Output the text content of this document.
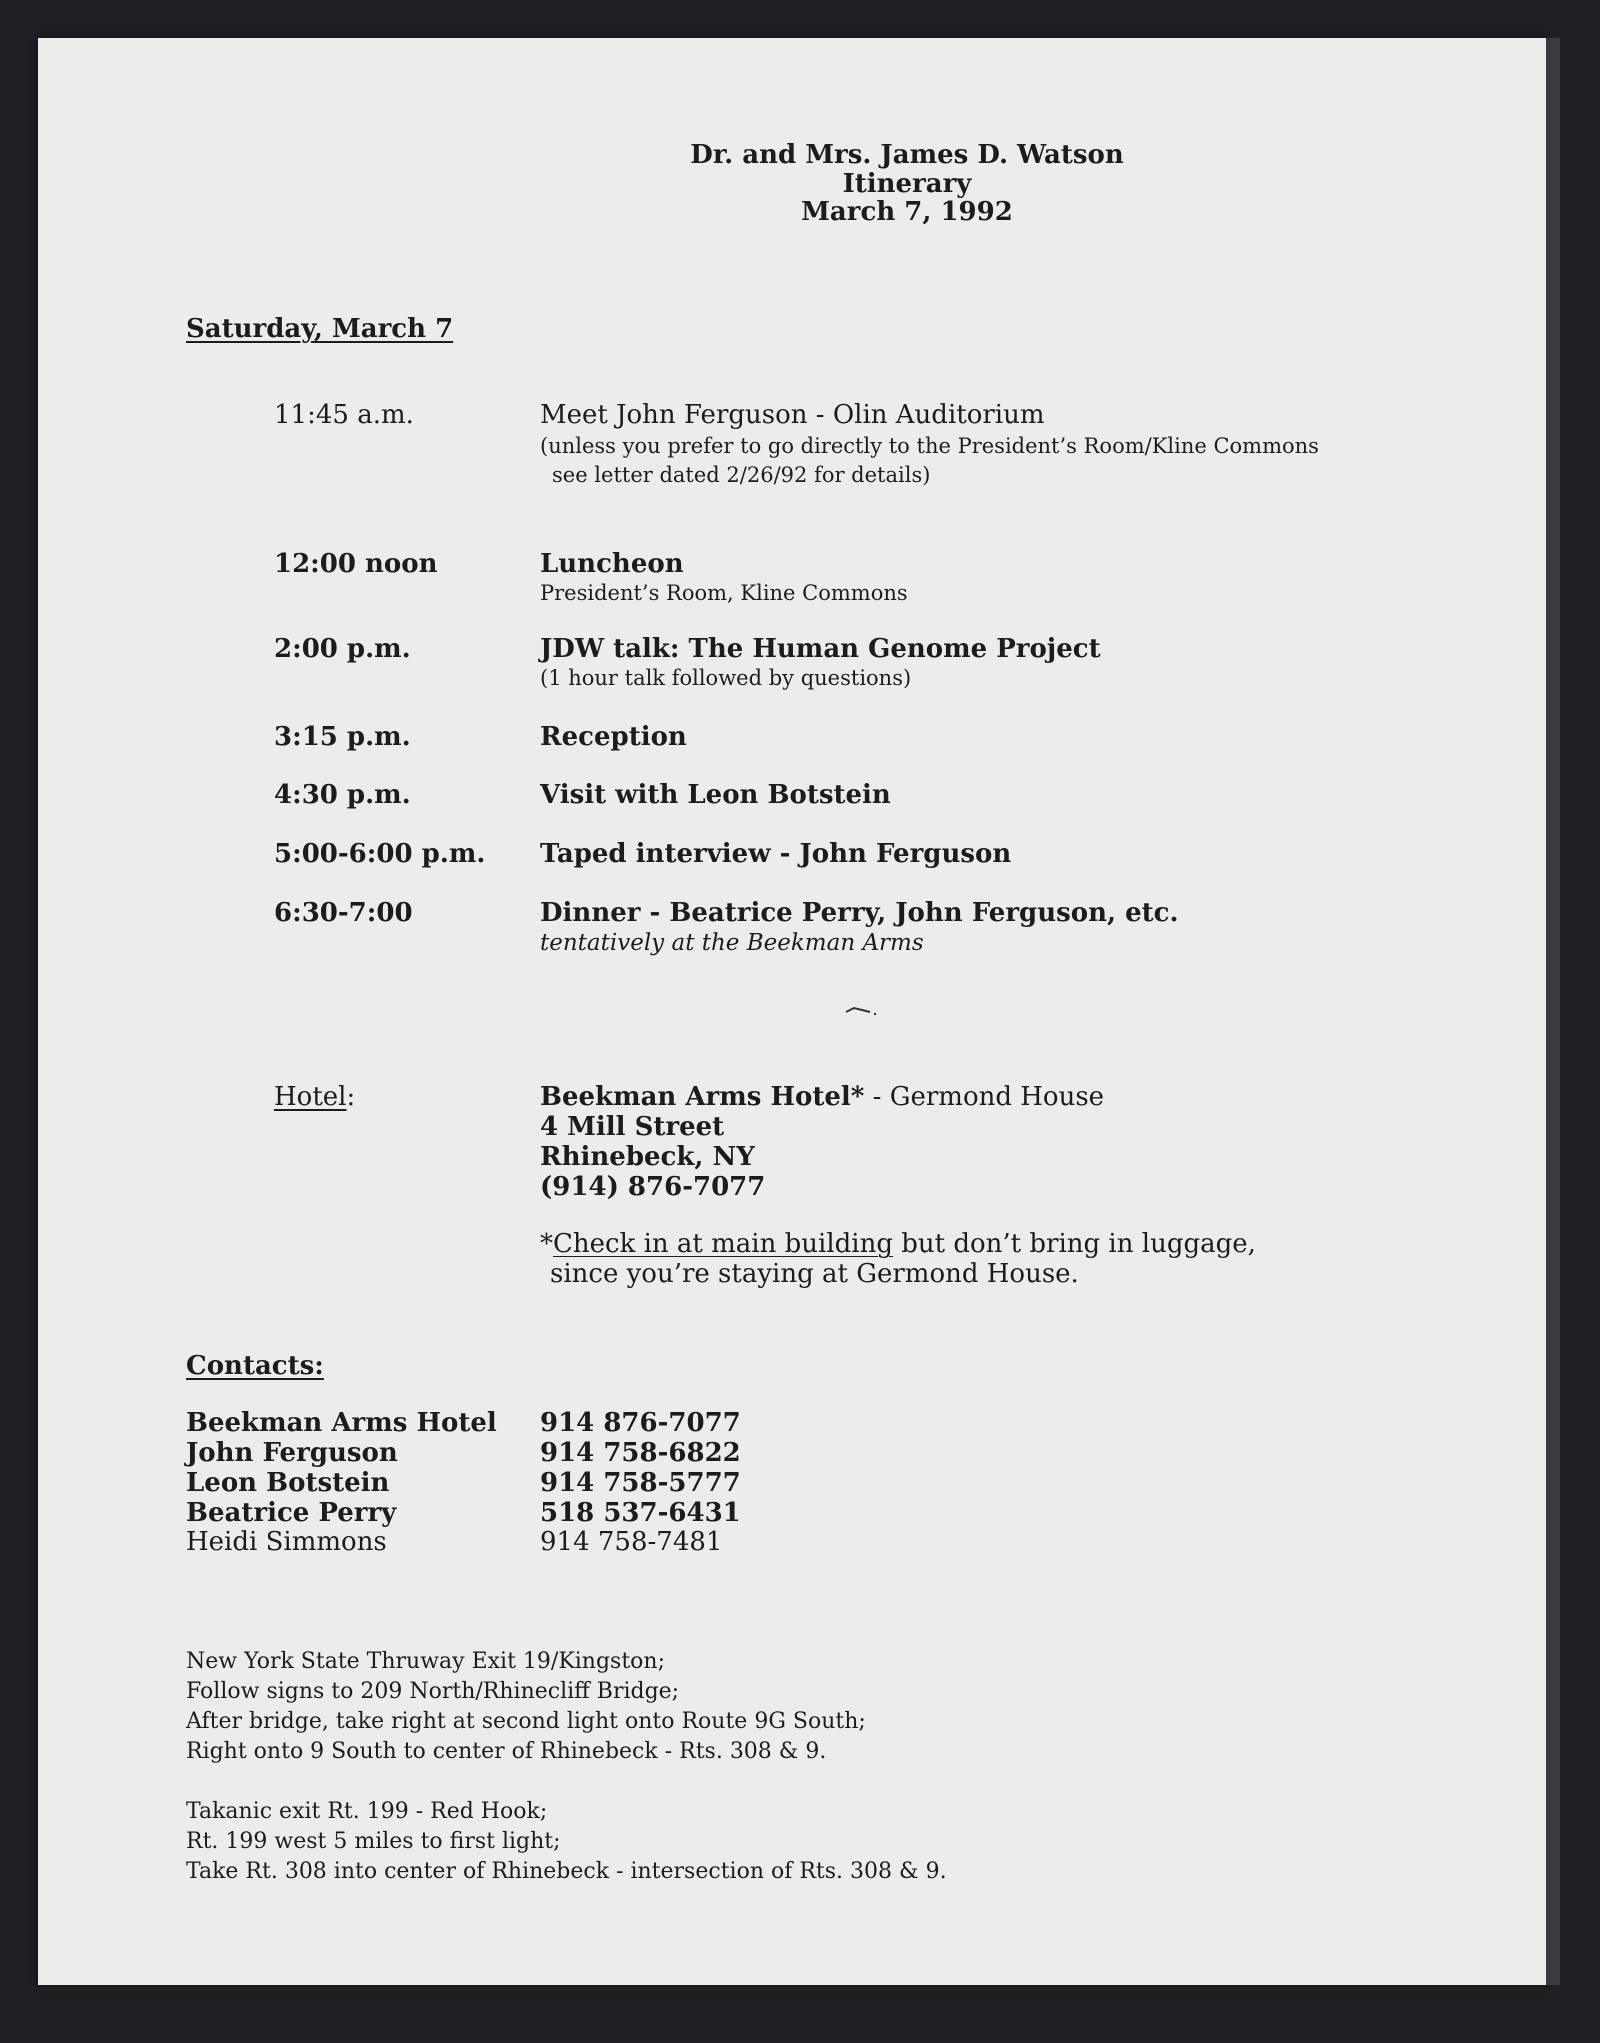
Dr. and Mrs. James D. Watson
Itinerary
March 7, 1992
Saturday, March 7
11:45 a.m.	Meet John Ferguson - Olin Auditorium
(unless you prefer to go directly to the President’s Room/Kline Commons
see letter dated 2/26/92 for details)
12:00 noon	Luncheon
President’s Room, Kline Commons
2:00 p.m.	JDW talk: The Human Genome Project
(1 hour talk followed by questions)
3:15 p.m.	Reception
4:30 p.m.	Visit with Leon Botstein
5:00-6:00 p.m. Taped interview - John Ferguson
6:30-7:00	Dinner - Beatrice Perry, John Ferguson, etc.
tentatively at the Beekman Arms
Hotel:	Beekman Arms Hotel* - Germond House
4 Mill Street
Rhinebeck, NY
(914) 876-7077
*Check in at main building but don’t bring in luggage,
since you’re staying at Germond House.
Contacts:
Beekman Arms Hotel 914 876-7077
John Ferguson	914 758-6822
Leon Botstein	914 758-5777
Beatrice Perry	518 537-6431
Heidi Simmons	914 758-7481
New York State Thruway Exit 19/Kingston;
Follow signs to 209 North/Rhinecliff Bridge;
After bridge, take right at second light onto Route 9G South;
Right onto 9 South to center of Rhinebeck - Rts. 308 & 9.
Takanic exit Rt. 199 - Red Hook;
Rt. 199 west 5 miles to first light;
Take Rt. 308 into center of Rhinebeck - intersection of Rts. 308 & 9.
